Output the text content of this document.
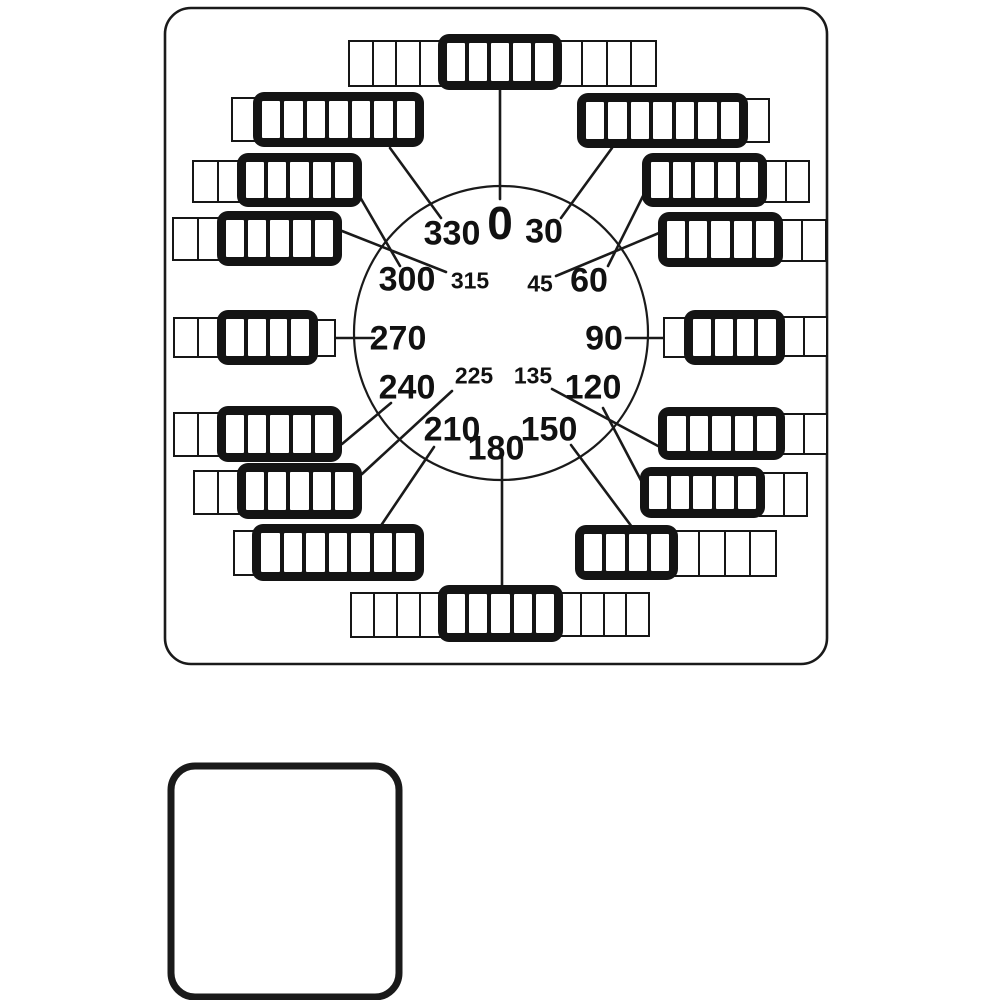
0 30
330
60
300	45
315
90
270
135
225 120
240
150
210
180
